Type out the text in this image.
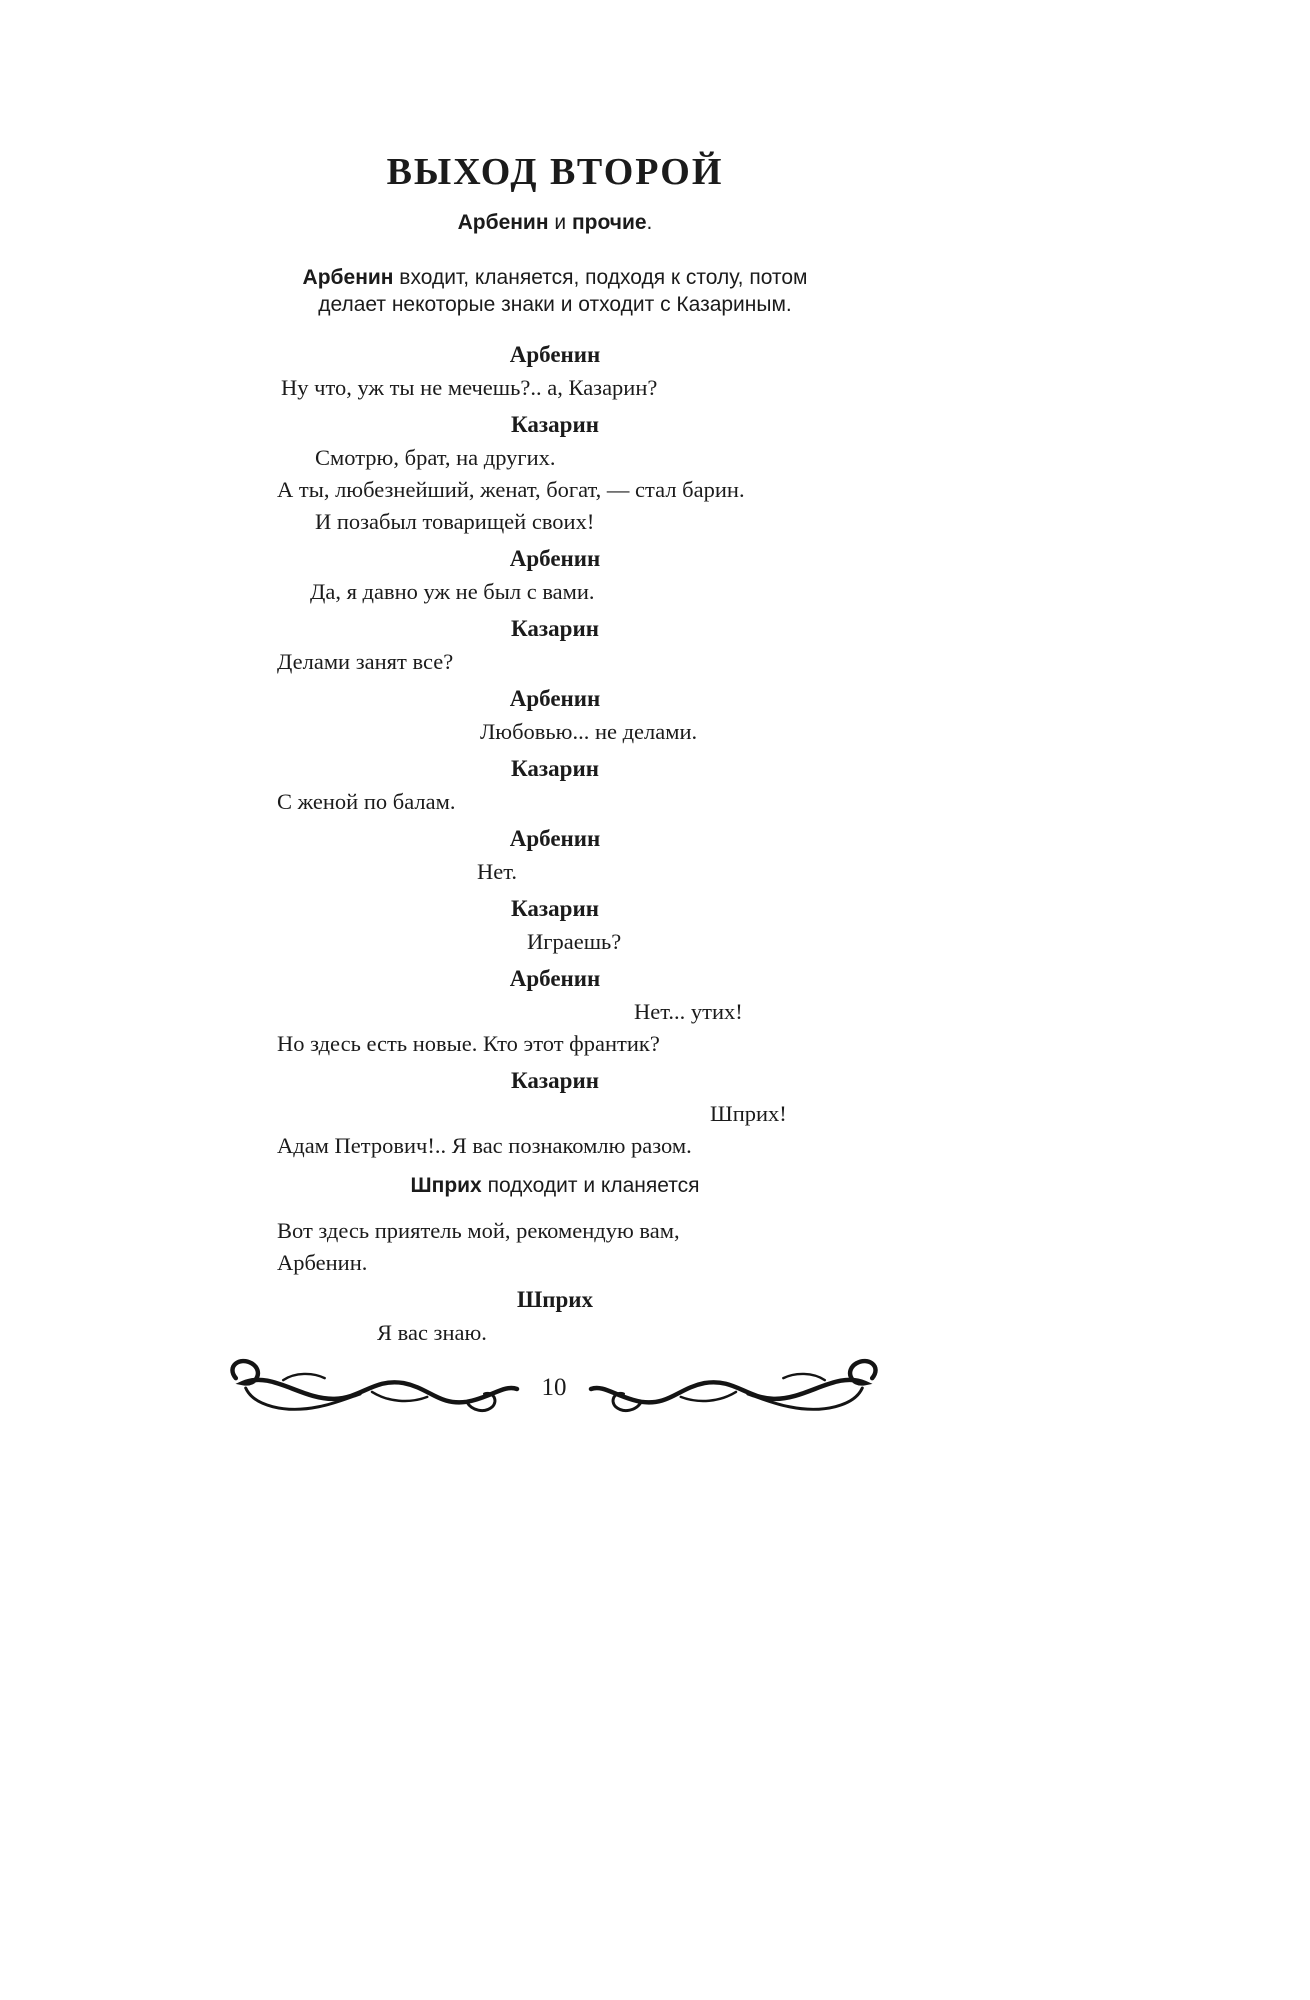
ВЫХОД ВТОРОЙ
Арбенин и прочие.
Арбенин входит, кланяется, подходя к столу, потом делает некоторые знаки и отходит с Казариным.
Арбенин
Ну что, уж ты не мечешь?.. а, Казарин?
Казарин
Смотрю, брат, на других.
А ты, любезнейший, женат, богат, — стал барин.
И позабыл товарищей своих!
Арбенин
Да, я давно уж не был с вами.
Казарин
Делами занят все?
Арбенин
Любовью... не делами.
Казарин
С женой по балам.
Арбенин
Нет.
Казарин
Играешь?
Арбенин
Нет... утих!
Но здесь есть новые. Кто этот франтик?
Казарин
Шприх!
Адам Петрович!.. Я вас познакомлю разом.
Шприх подходит и кланяется
Вот здесь приятель мой, рекомендую вам,
Арбенин.
Шприх
Я вас знаю.
10
